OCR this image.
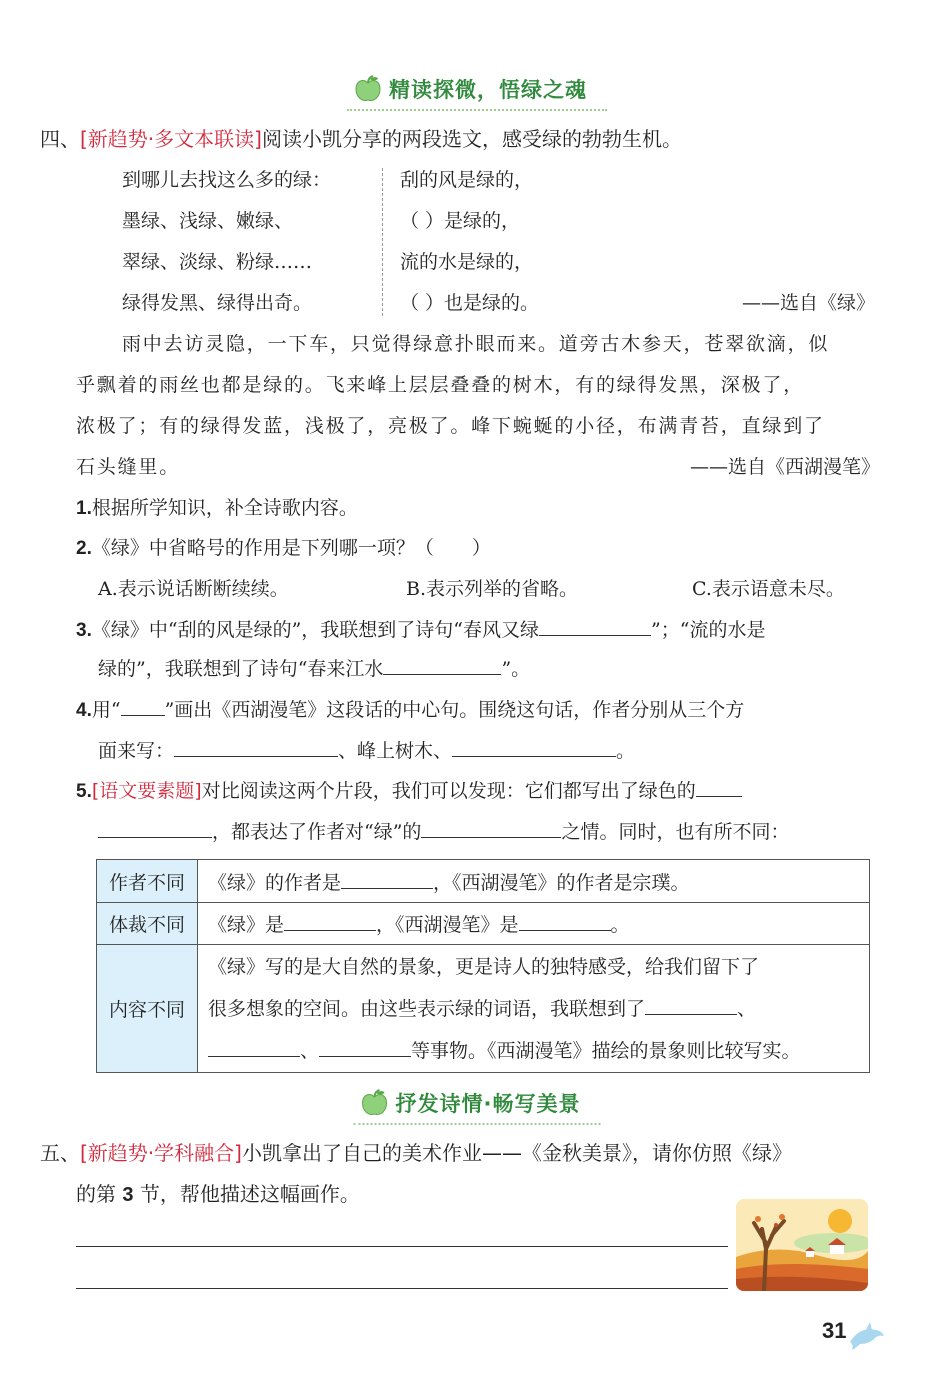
精读探微，悟绿之魂
四、[新趋势·多文本联读]阅读小凯分享的两段选文，感受绿的勃勃生机。
到哪儿去找这么多的绿：
墨绿、浅绿、嫩绿、
翠绿、淡绿、粉绿……
绿得发黑、绿得出奇。
刮的风是绿的，
（ ）是绿的，
流的水是绿的，
（ ）也是绿的。	——选自《绿》
雨中去访灵隐，一下车，只觉得绿意扑眼而来。道旁古木参天，苍翠欲滴，似
乎飘着的雨丝也都是绿的。飞来峰上层层叠叠的树木，有的绿得发黑，深极了，
浓极了；有的绿得发蓝，浅极了，亮极了。峰下蜿蜒的小径，布满青苔，直绿到了
石头缝里。	——选自《西湖漫笔》
1.根据所学知识，补全诗歌内容。
2.《绿》中省略号的作用是下列哪一项？（　　）
A.表示说话断断续续。	B.表示列举的省略。	C.表示语意未尽。
3.《绿》中“刮的风是绿的”，我联想到了诗句“春风又绿	”；“流的水是
绿的”，我联想到了诗句“春来江水	”。
4.用“ ”画出《西湖漫笔》这段话的中心句。围绕这句话，作者分别从三个方
面来写：	、峰上树木、	。
5.[语文要素题]对比阅读这两个片段，我们可以发现：它们都写出了绿色的
，都表达了作者对“绿”的	之情。同时，也有所不同：
作者不同	《绿》的作者是 ，《西湖漫笔》的作者是宗璞。
体裁不同	《绿》是 ，《西湖漫笔》是 。
内容不同	《绿》写的是大自然的景象，更是诗人的独特感受，给我们留下了
很多想象的空间。由这些表示绿的词语，我联想到了 、
、 等事物。《西湖漫笔》描绘的景象则比较写实。
抒发诗情·畅写美景
五、[新趋势·学科融合]小凯拿出了自己的美术作业——《金秋美景》，请你仿照《绿》
的第 3 节，帮他描述这幅画作。
31
